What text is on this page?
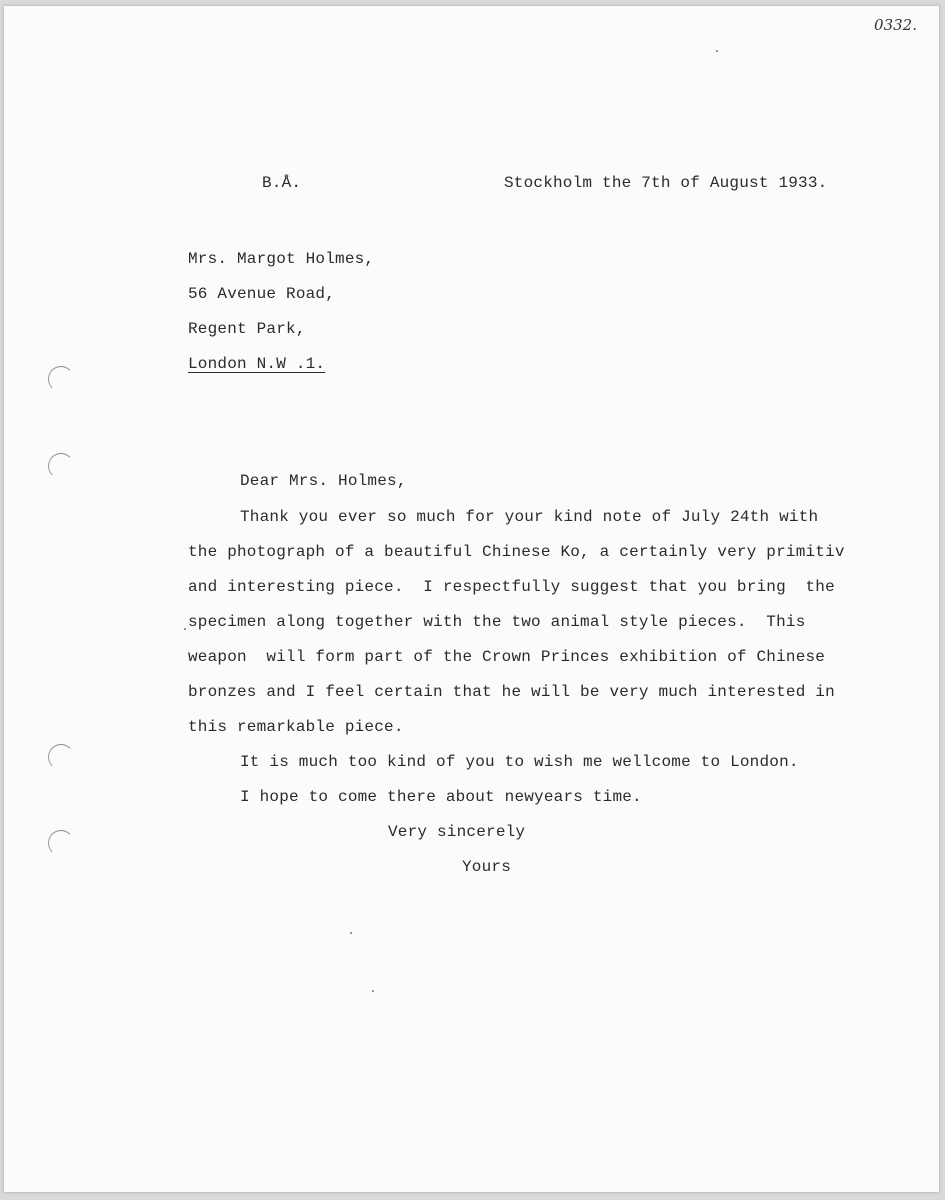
0332.
B.Å.	Stockholm the 7th of August 1933.
Mrs. Margot Holmes,
56 Avenue Road,
Regent Park,
London N.W .1.
Dear Mrs. Holmes,
Thank you ever so much for your kind note of July 24th with
the photograph of a beautiful Chinese Ko, a certainly very primitiv
and interesting piece.  I respectfully suggest that you bring  the
specimen along together with the two animal style pieces.  This
weapon  will form part of the Crown Princes exhibition of Chinese
bronzes and I feel certain that he will be very much interested in
this remarkable piece.
It is much too kind of you to wish me wellcome to London.
I hope to come there about newyears time.
Very sincerely
Yours
